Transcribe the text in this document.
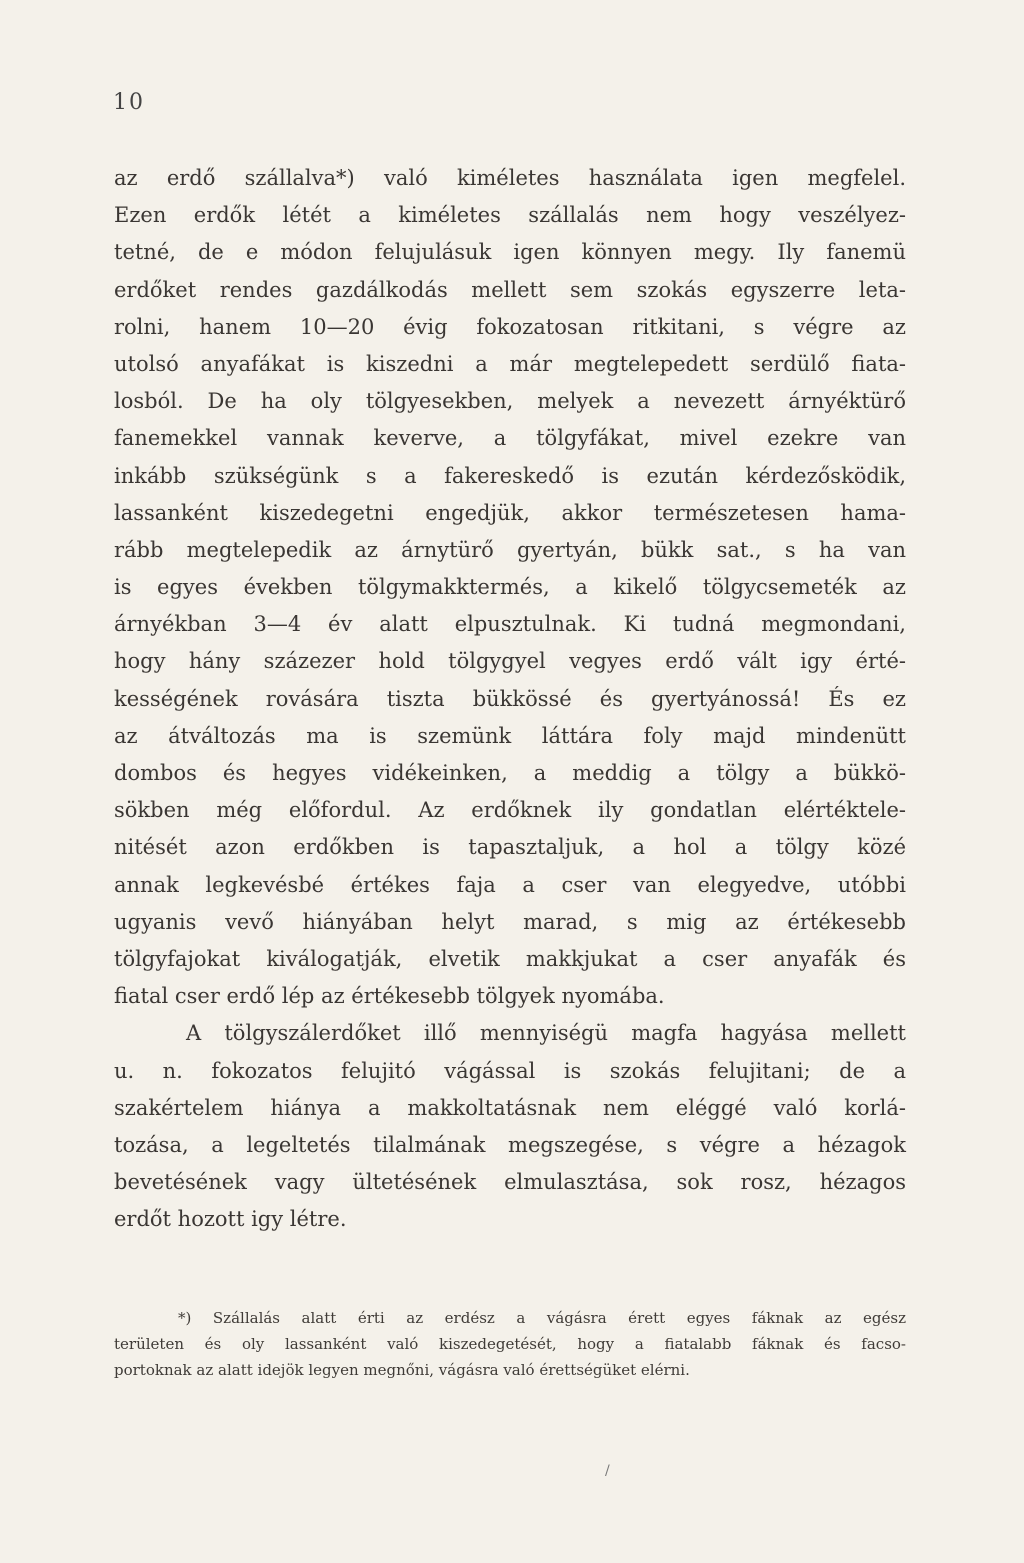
10
az erdő szállalva*) való kiméletes használata igen megfelel.
Ezen erdők létét a kiméletes szállalás nem hogy veszélyez-
tetné, de e módon felujulásuk igen könnyen megy. Ily fanemü
erdőket rendes gazdálkodás mellett sem szokás egyszerre leta-
rolni, hanem 10—20 évig fokozatosan ritkitani, s végre az
utolsó anyafákat is kiszedni a már megtelepedett serdülő fiata-
losból. De ha oly tölgyesekben, melyek a nevezett árnyéktürő
fanemekkel vannak keverve, a tölgyfákat, mivel ezekre van
inkább szükségünk s a fakereskedő is ezután kérdezősködik,
lassanként kiszedegetni engedjük, akkor természetesen hama-
rább megtelepedik az árnytürő gyertyán, bükk sat., s ha van
is egyes években tölgymakktermés, a kikelő tölgycsemeték az
árnyékban 3—4 év alatt elpusztulnak. Ki tudná megmondani,
hogy hány százezer hold tölgygyel vegyes erdő vált igy érté-
kességének rovására tiszta bükkössé és gyertyánossá! És ez
az átváltozás ma is szemünk láttára foly majd mindenütt
dombos és hegyes vidékeinken, a meddig a tölgy a bükkö-
sökben még előfordul. Az erdőknek ily gondatlan elértéktele-
nitését azon erdőkben is tapasztaljuk, a hol a tölgy közé
annak legkevésbé értékes faja a cser van elegyedve, utóbbi
ugyanis vevő hiányában helyt marad, s mig az értékesebb
tölgyfajokat kiválogatják, elvetik makkjukat a cser anyafák és
fiatal cser erdő lép az értékesebb tölgyek nyomába.
A tölgyszálerdőket illő mennyiségü magfa hagyása mellett
u. n. fokozatos felujitó vágással is szokás felujitani; de a
szakértelem hiánya a makkoltatásnak nem eléggé való korlá-
tozása, a legeltetés tilalmának megszegése, s végre a hézagok
bevetésének vagy ültetésének elmulasztása, sok rosz, hézagos
erdőt hozott igy létre.
*) Szállalás alatt érti az erdész a vágásra érett egyes fáknak az egész
területen és oly lassanként való kiszedegetését, hogy a fiatalabb fáknak és facso-
portoknak az alatt idejök legyen megnőni, vágásra való érettségüket elérni.
/
